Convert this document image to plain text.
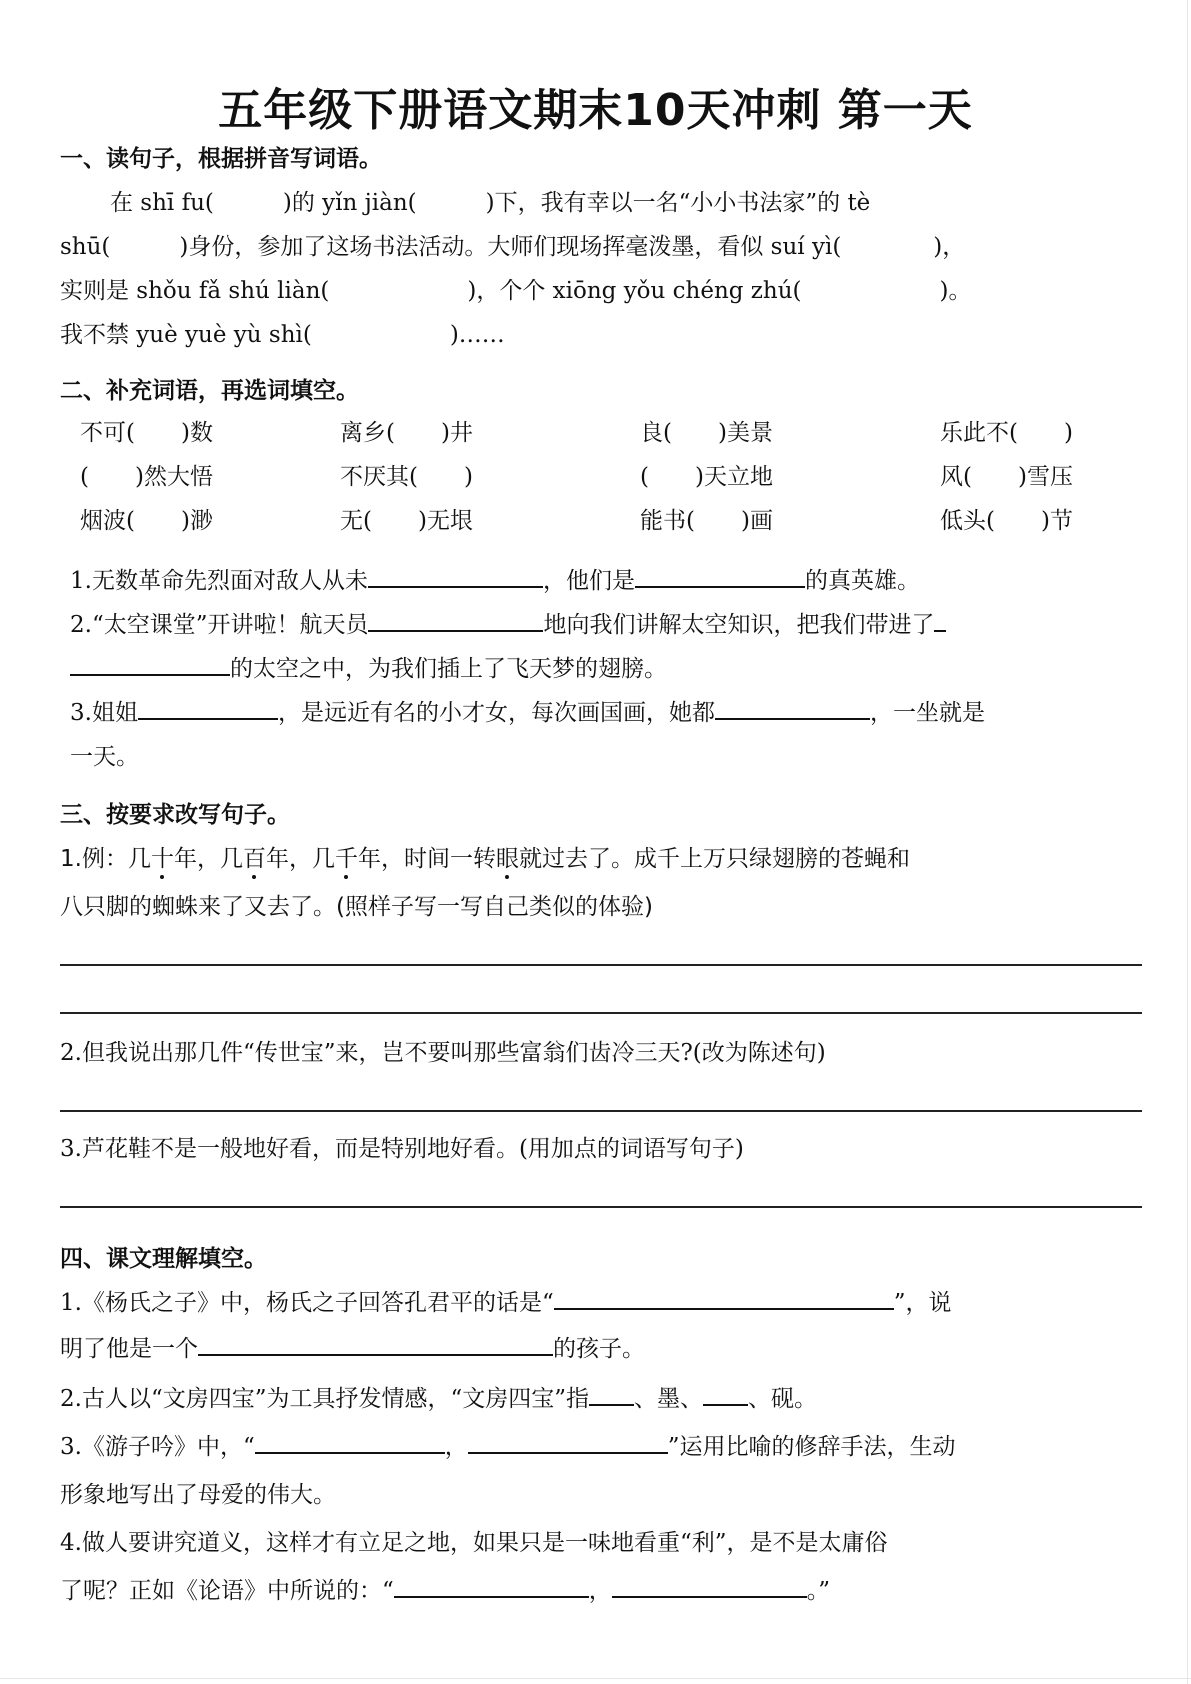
五年级下册语文期末10天冲刺 第一天
一、读句子，根据拼音写词语。
在 shī fu(　　　)的 yǐn jiàn(　　　)下，我有幸以一名“小小书法家”的 tè
shū(　　　)身份，参加了这场书法活动。大师们现场挥毫泼墨，看似 suí yì(　　　　)，
实则是 shǒu fǎ shú liàn(　　　　　　)，个个 xiōng yǒu chéng zhú(　　　　　　)。
我不禁 yuè yuè yù shì(　　　　　　)……
二、补充词语，再选词填空。
不可(　　)数	离乡(　　)井	良(　　)美景	乐此不(　　)
(　　)然大悟	不厌其(　　)	(　　)天立地	风(　　)雪压
烟波(　　)渺	无(　　)无垠	能书(　　)画	低头(　　)节
1.无数革命先烈面对敌人从未	，他们是	的真英雄。
2.“太空课堂”开讲啦！航天员	地向我们讲解太空知识，把我们带进了
的太空之中，为我们插上了飞天梦的翅膀。
3.姐姐	，是远近有名的小才女，每次画国画，她都	，一坐就是
一天。
三、按要求改写句子。
1.例：几十年，几百年，几千年，时间一转眼就过去了。成千上万只绿翅膀的苍蝇和
八只脚的蜘蛛来了又去了。(照样子写一写自己类似的体验)
2.但我说出那几件“传世宝”来，岂不要叫那些富翁们齿冷三天?(改为陈述句)
3.芦花鞋不是一般地好看，而是特别地好看。(用加点的词语写句子)
四、课文理解填空。
1.《杨氏之子》中，杨氏之子回答孔君平的话是“	”，说
明了他是一个	的孩子。
2.古人以“文房四宝”为工具抒发情感，“文房四宝”指 、墨、 、砚。
3.《游子吟》中，“	，	”运用比喻的修辞手法，生动
形象地写出了母爱的伟大。
4.做人要讲究道义，这样才有立足之地，如果只是一味地看重“利”，是不是太庸俗
了呢？正如《论语》中所说的：“	，	。”
